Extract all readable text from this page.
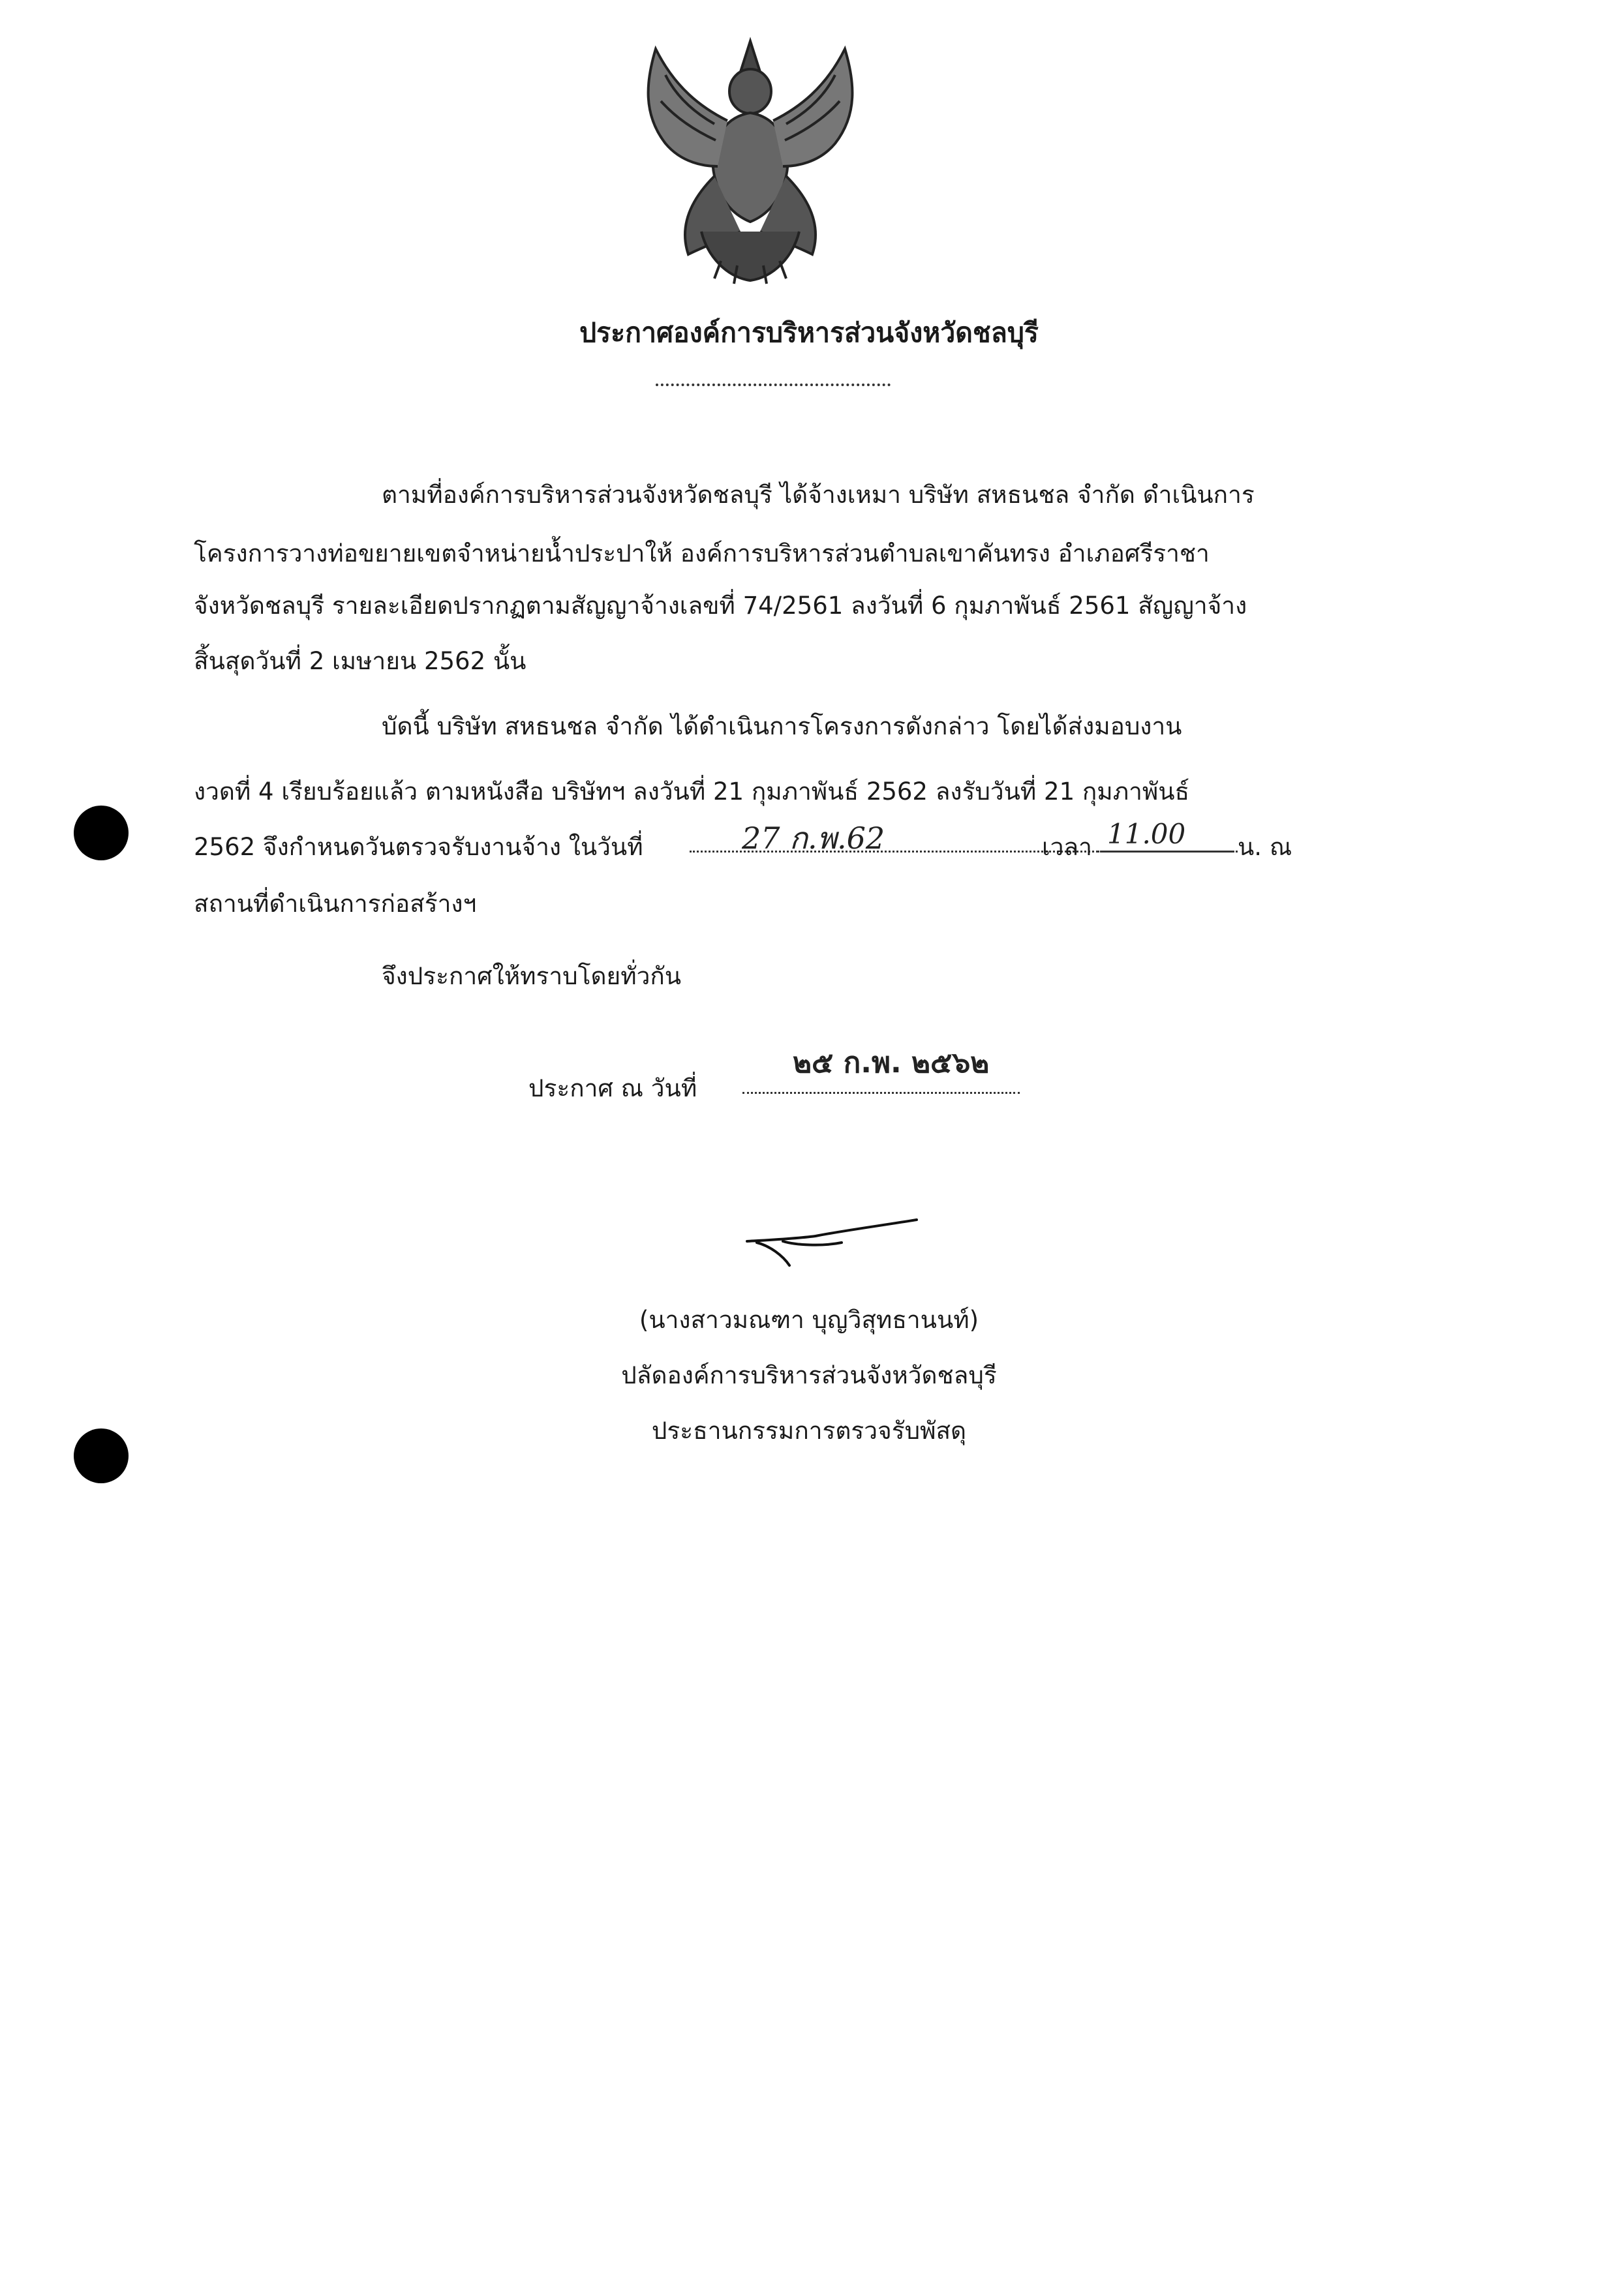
ประกาศองค์การบริหารส่วนจังหวัดชลบุรี
ตามที่องค์การบริหารส่วนจังหวัดชลบุรี ได้จ้างเหมา บริษัท สหธนชล จำกัด ดำเนินการ
โครงการวางท่อขยายเขตจำหน่ายน้ำประปาให้ องค์การบริหารส่วนตำบลเขาคันทรง อำเภอศรีราชา
จังหวัดชลบุรี รายละเอียดปรากฏตามสัญญาจ้างเลขที่ 74/2561 ลงวันที่ 6 กุมภาพันธ์ 2561 สัญญาจ้าง
สิ้นสุดวันที่ 2 เมษายน 2562 นั้น
บัดนี้ บริษัท สหธนชล จำกัด ได้ดำเนินการโครงการดังกล่าว โดยได้ส่งมอบงาน
งวดที่ 4 เรียบร้อยแล้ว ตามหนังสือ บริษัทฯ ลงวันที่ 21 กุมภาพันธ์ 2562 ลงรับวันที่ 21 กุมภาพันธ์
2562 จึงกำหนดวันตรวจรับงานจ้าง ในวันที่	27 ก.พ.62	เวลา 11.00 น. ณ
สถานที่ดำเนินการก่อสร้างฯ
จึงประกาศให้ทราบโดยทั่วกัน
ประกาศ ณ วันที่
๒๕ ก.พ. ๒๕๖๒
(นางสาวมณฑา บุญวิสุทธานนท์)
ปลัดองค์การบริหารส่วนจังหวัดชลบุรี
ประธานกรรมการตรวจรับพัสดุ
